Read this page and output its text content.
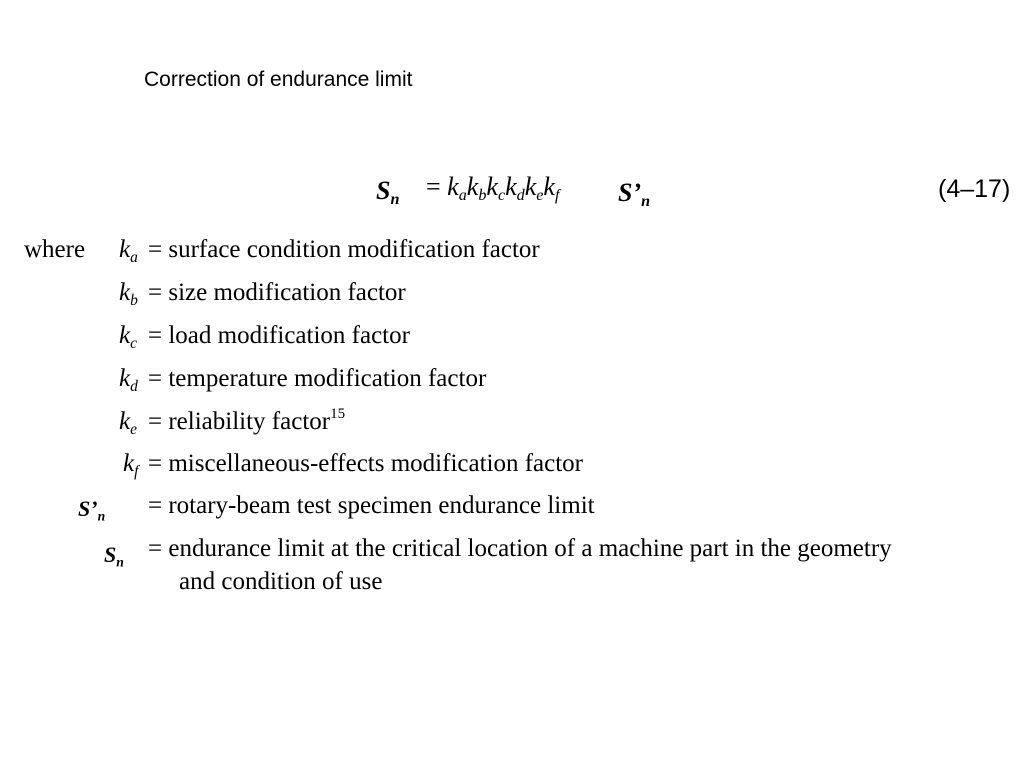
Correction of endurance limit
$S_n = k_ak_bk_ck_dk_ek_f$ $S’_n$	(4–17)
where $k_a$
$k_b$
$k_c$
$k_d$
$k_e$
$k_f$
$S’_n$
$S_n$
= surface condition modification factor
= size modification factor
= load modification factor
= temperature modification factor
= reliability factor$^{15}$
= miscellaneous-effects modification factor
= rotary-beam test specimen endurance limit
= endurance limit at the critical location of a machine part in the geometry
and condition of use
